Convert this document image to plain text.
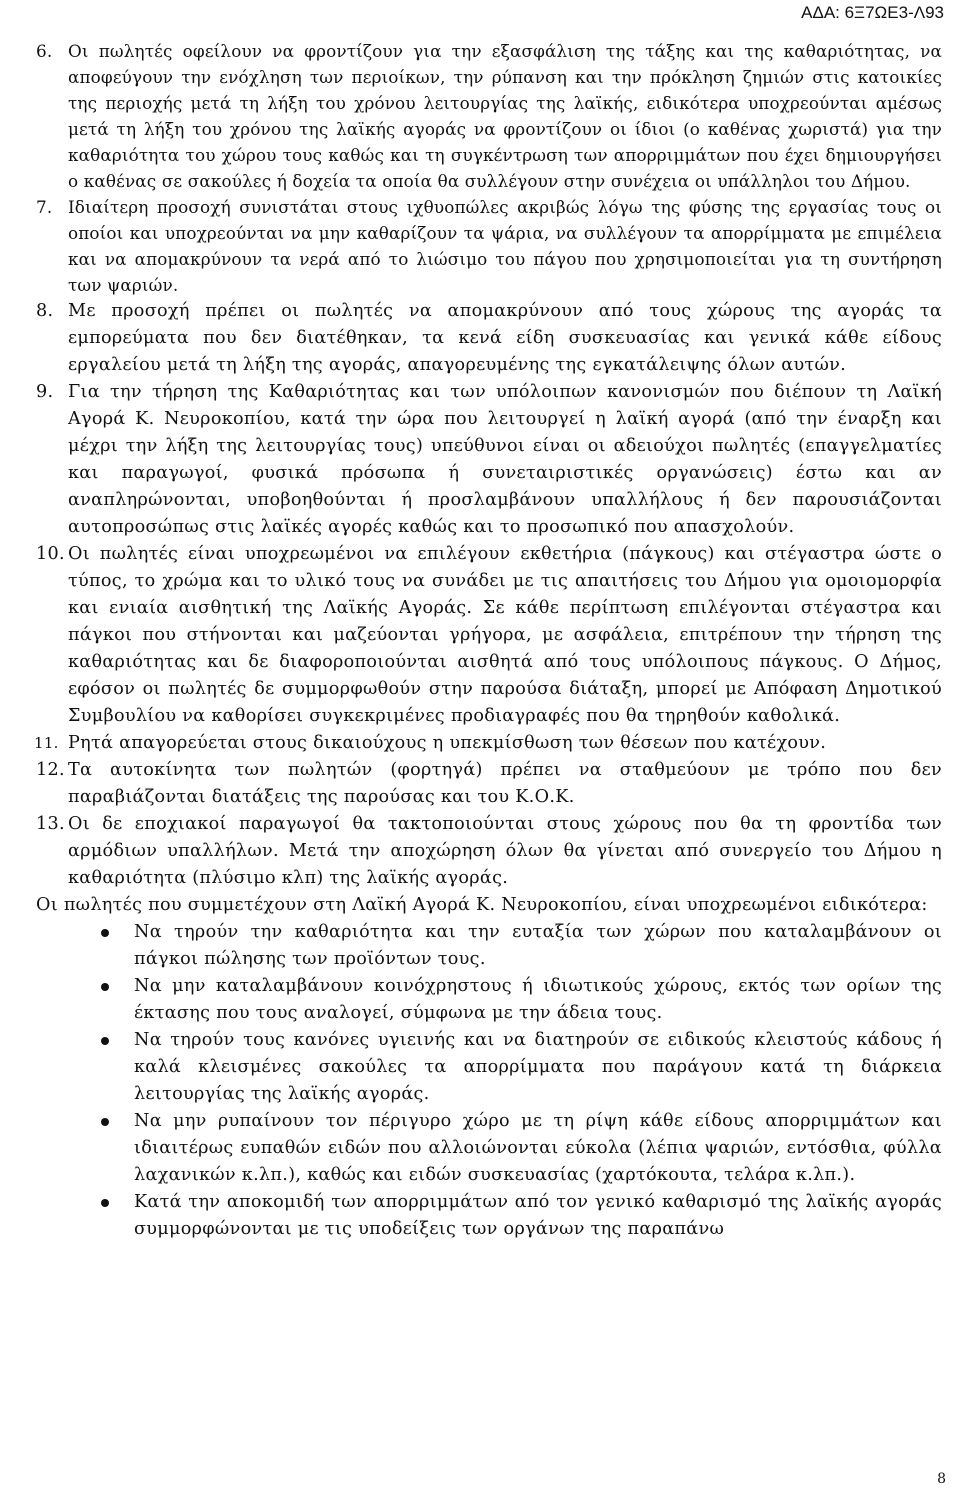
ΑΔΑ: 6Ξ7ΩΕ3-Λ93
6. Οι πωλητές οφείλουν να φροντίζουν για την εξασφάλιση της τάξης και της καθαριότητας, να αποφεύγουν την ενόχληση των περιοίκων, την ρύπανση και την πρόκληση ζημιών στις κατοικίες της περιοχής μετά τη λήξη του χρόνου λειτουργίας της λαϊκής, ειδικότερα υποχρεούνται αμέσως μετά τη λήξη του χρόνου της λαϊκής αγοράς να φροντίζουν οι ίδιοι (ο καθένας χωριστά) για την καθαριότητα του χώρου τους καθώς και τη συγκέντρωση των απορριμμάτων που έχει δημιουργήσει ο καθένας σε σακούλες ή δοχεία τα οποία θα συλλέγουν στην συνέχεια οι υπάλληλοι του Δήμου.
7. Ιδιαίτερη προσοχή συνιστάται στους ιχθυοπώλες ακριβώς λόγω της φύσης της εργασίας τους οι οποίοι και υποχρεούνται να μην καθαρίζουν τα ψάρια, να συλλέγουν τα απορρίμματα με επιμέλεια και να απομακρύνουν τα νερά από το λιώσιμο του πάγου που χρησιμοποιείται για τη συντήρηση των ψαριών.
8. Με προσοχή πρέπει οι πωλητές να απομακρύνουν από τους χώρους της αγοράς τα εμπορεύματα που δεν διατέθηκαν, τα κενά είδη συσκευασίας και γενικά κάθε είδους εργαλείου μετά τη λήξη της αγοράς, απαγορευμένης της εγκατάλειψης όλων αυτών.
9. Για την τήρηση της Καθαριότητας και των υπόλοιπων κανονισμών που διέπουν τη Λαϊκή Αγορά Κ. Νευροκοπίου, κατά την ώρα που λειτουργεί η λαϊκή αγορά (από την έναρξη και μέχρι την λήξη της λειτουργίας τους) υπεύθυνοι είναι οι αδειούχοι πωλητές (επαγγελματίες και παραγωγοί, φυσικά πρόσωπα ή συνεταιριστικές οργανώσεις) έστω και αν αναπληρώνονται, υποβοηθούνται ή προσλαμβάνουν υπαλλήλους ή δεν παρουσιάζονται αυτοπροσώπως στις λαϊκές αγορές καθώς και το προσωπικό που απασχολούν.
10. Οι πωλητές είναι υποχρεωμένοι να επιλέγουν εκθετήρια (πάγκους) και στέγαστρα ώστε ο τύπος, το χρώμα και το υλικό τους να συνάδει με τις απαιτήσεις του Δήμου για ομοιομορφία και ενιαία αισθητική της Λαϊκής Αγοράς. Σε κάθε περίπτωση επιλέγονται στέγαστρα και πάγκοι που στήνονται και μαζεύονται γρήγορα, με ασφάλεια, επιτρέπουν την τήρηση της καθαριότητας και δε διαφοροποιούνται αισθητά από τους υπόλοιπους πάγκους. Ο Δήμος, εφόσον οι πωλητές δε συμμορφωθούν στην παρούσα διάταξη, μπορεί με Απόφαση Δημοτικού Συμβουλίου να καθορίσει συγκεκριμένες προδιαγραφές που θα τηρηθούν καθολικά.
11. Ρητά απαγορεύεται στους δικαιούχους η υπεκμίσθωση των θέσεων που κατέχουν.
12. Τα αυτοκίνητα των πωλητών (φορτηγά) πρέπει να σταθμεύουν με τρόπο που δεν παραβιάζονται διατάξεις της παρούσας και του Κ.Ο.Κ.
13. Οι δε εποχιακοί παραγωγοί θα τακτοποιούνται στους χώρους που θα τη φροντίδα των αρμόδιων υπαλλήλων. Μετά την αποχώρηση όλων θα γίνεται από συνεργείο του Δήμου η καθαριότητα (πλύσιμο κλπ) της λαϊκής αγοράς.
Οι πωλητές που συμμετέχουν στη Λαϊκή Αγορά Κ. Νευροκοπίου, είναι υποχρεωμένοι ειδικότερα:
Να τηρούν την καθαριότητα και την ευταξία των χώρων που καταλαμβάνουν οι πάγκοι πώλησης των προϊόντων τους.
Να μην καταλαμβάνουν κοινόχρηστους ή ιδιωτικούς χώρους, εκτός των ορίων της έκτασης που τους αναλογεί, σύμφωνα με την άδεια τους.
Να τηρούν τους κανόνες υγιεινής και να διατηρούν σε ειδικούς κλειστούς κάδους ή καλά κλεισμένες σακούλες τα απορρίμματα που παράγουν κατά τη διάρκεια λειτουργίας της λαϊκής αγοράς.
Να μην ρυπαίνουν τον πέριγυρο χώρο με τη ρίψη κάθε είδους απορριμμάτων και ιδιαιτέρως ευπαθών ειδών που αλλοιώνονται εύκολα (λέπια ψαριών, εντόσθια, φύλλα λαχανικών κ.λπ.), καθώς και ειδών συσκευασίας (χαρτόκουτα, τελάρα κ.λπ.).
Κατά την αποκομιδή των απορριμμάτων από τον γενικό καθαρισμό της λαϊκής αγοράς συμμορφώνονται με τις υποδείξεις των οργάνων της παραπάνω
8
